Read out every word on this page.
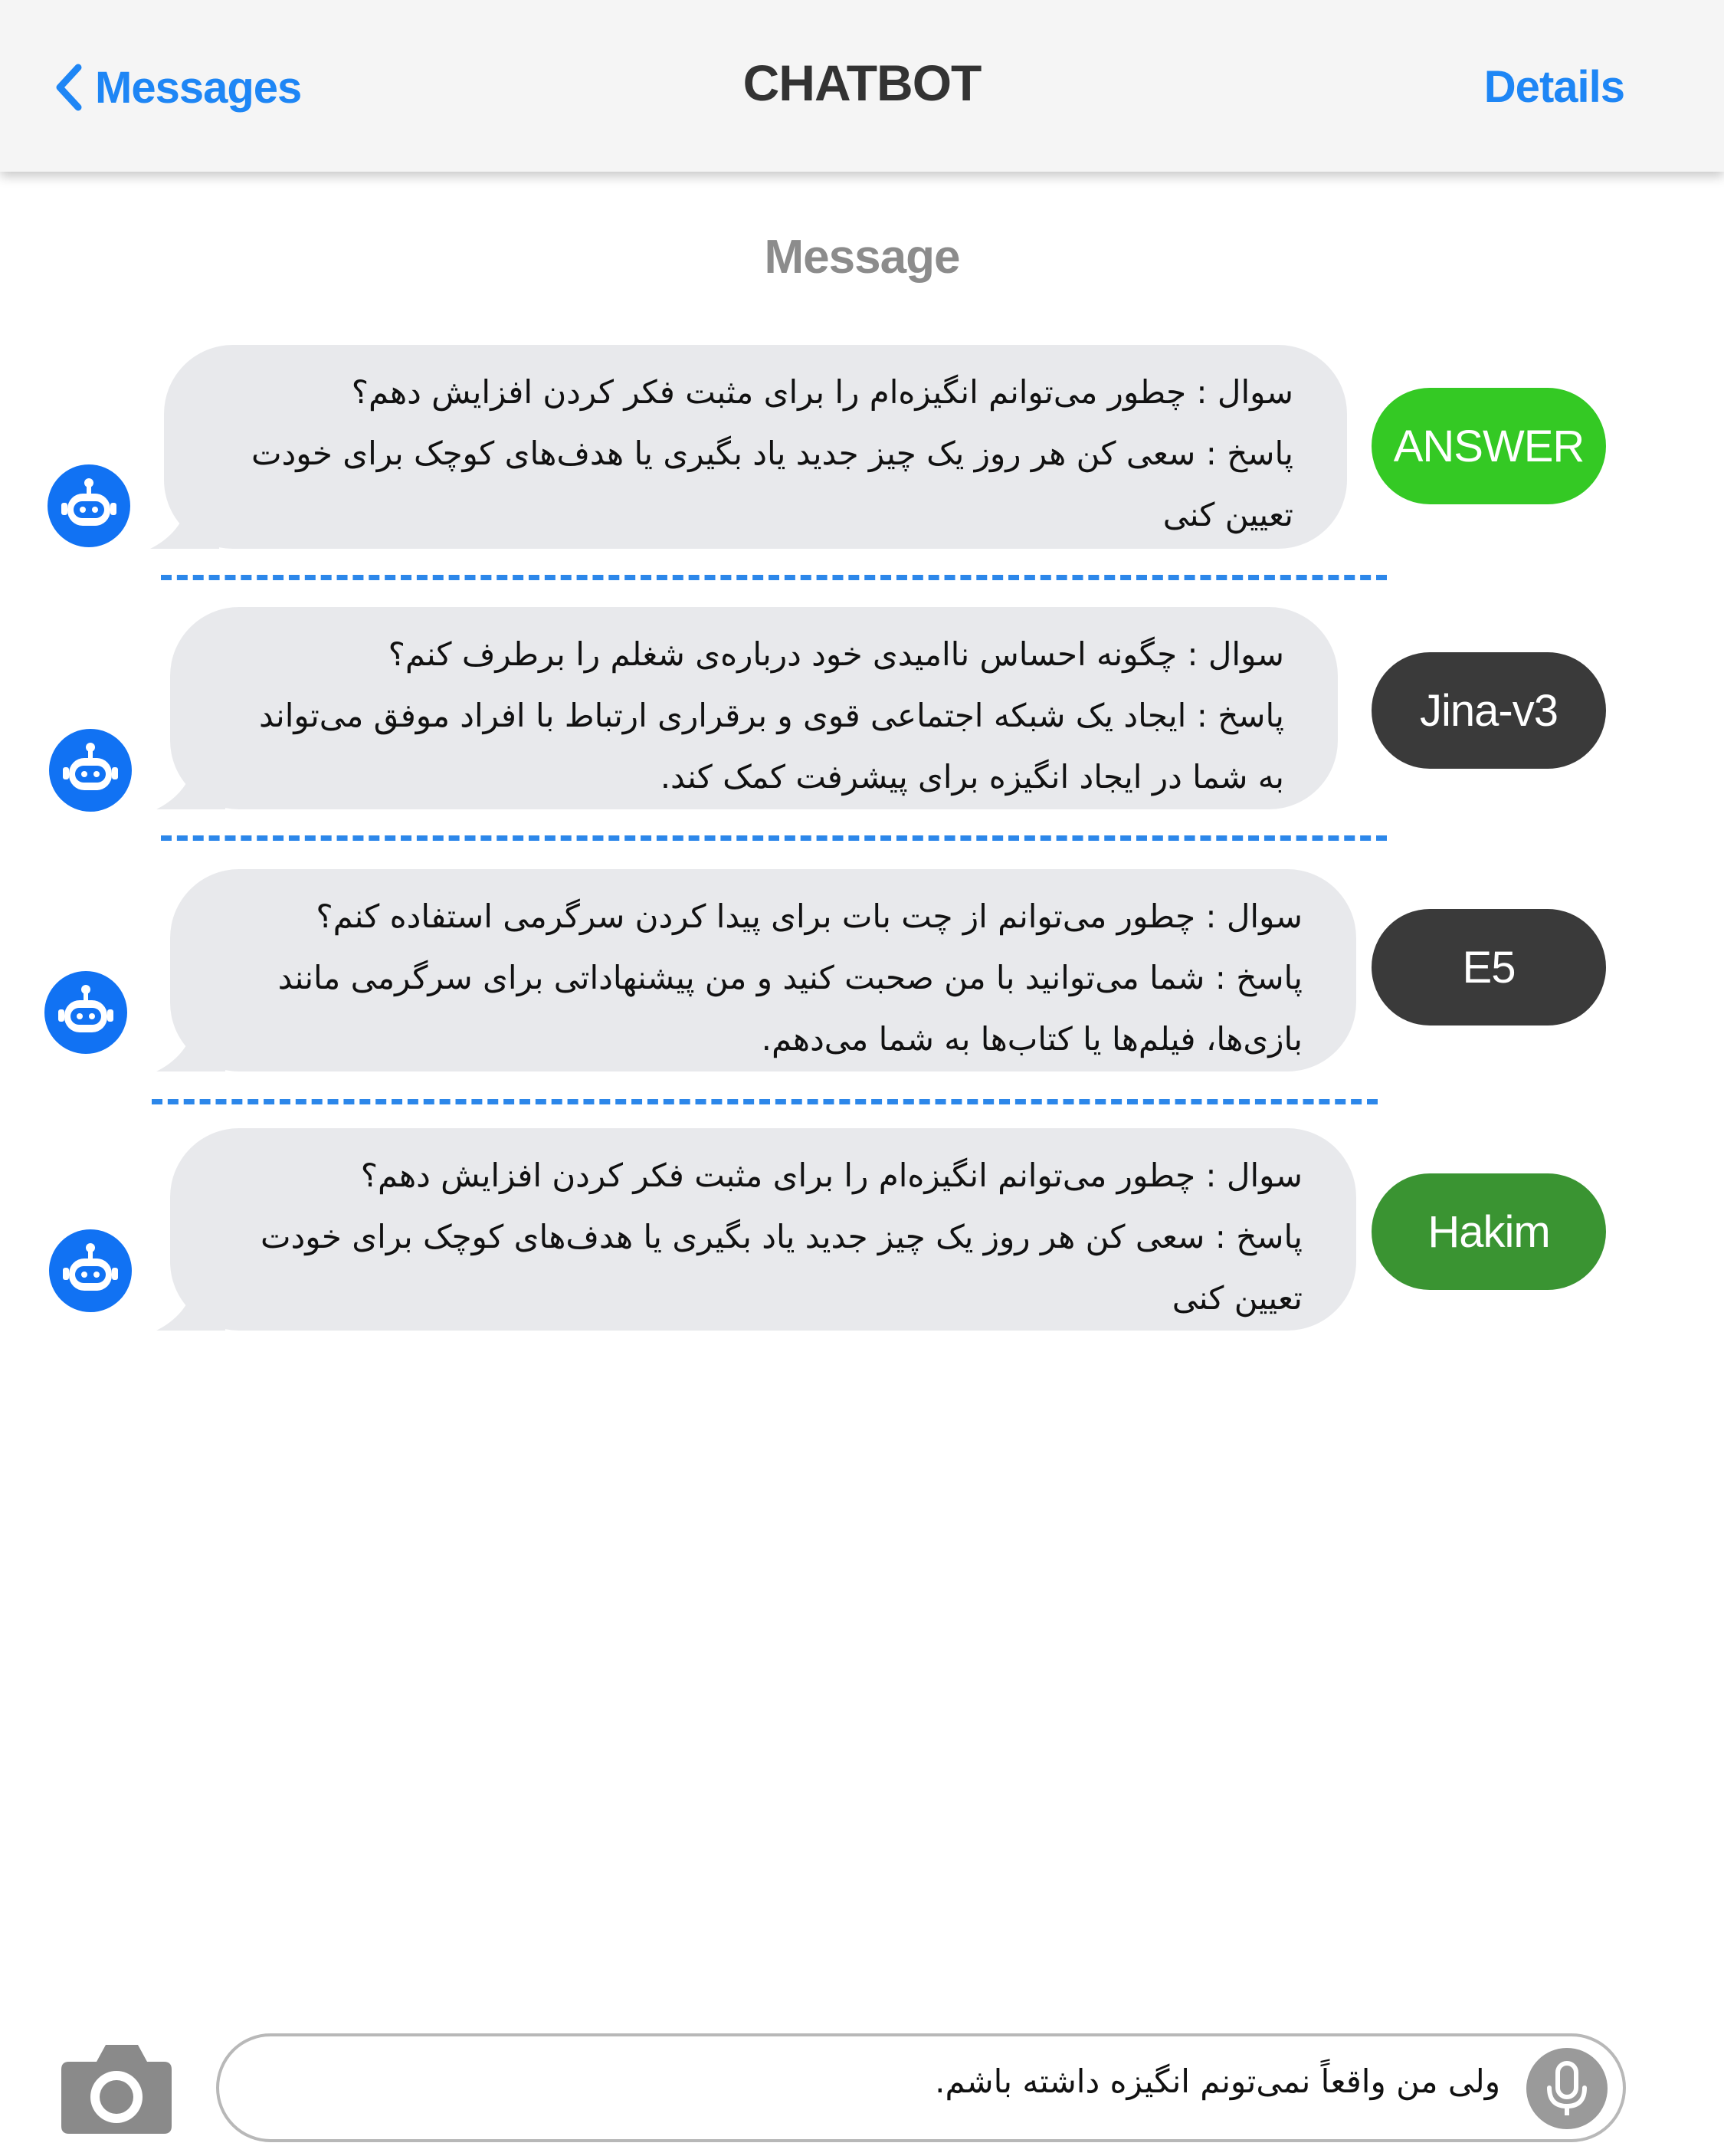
Messages	CHATBOT	Details
Message

سوال : چطور می‌توانم انگیزه‌ام را برای مثبت فکر کردن افزایش دهم؟

پاسخ : سعی کن هر روز یک چیز جدید یاد بگیری یا هدف‌های کوچک برای خودت تعیین کنی

ANSWER

سوال : چگونه احساس ناامیدی خود درباره‌ی شغلم را برطرف کنم؟

پاسخ : ایجاد یک شبکه اجتماعی قوی و برقراری ارتباط با افراد موفق می‌تواند به شما در ایجاد انگیزه برای پیشرفت کمک کند.

Jina-v3

سوال : چطور می‌توانم از چت بات برای پیدا کردن سرگرمی استفاده کنم؟

پاسخ : شما می‌توانید با من صحبت کنید و من پیشنهاداتی برای سرگرمی مانند بازی‌ها، فیلم‌ها یا کتاب‌ها به شما می‌دهم.

E5

سوال : چطور می‌توانم انگیزه‌ام را برای مثبت فکر کردن افزایش دهم؟

پاسخ : سعی کن هر روز یک چیز جدید یاد بگیری یا هدف‌های کوچک برای خودت تعیین کنی

Hakim
ولی من واقعاً نمی‌تونم انگیزه داشته باشم.
